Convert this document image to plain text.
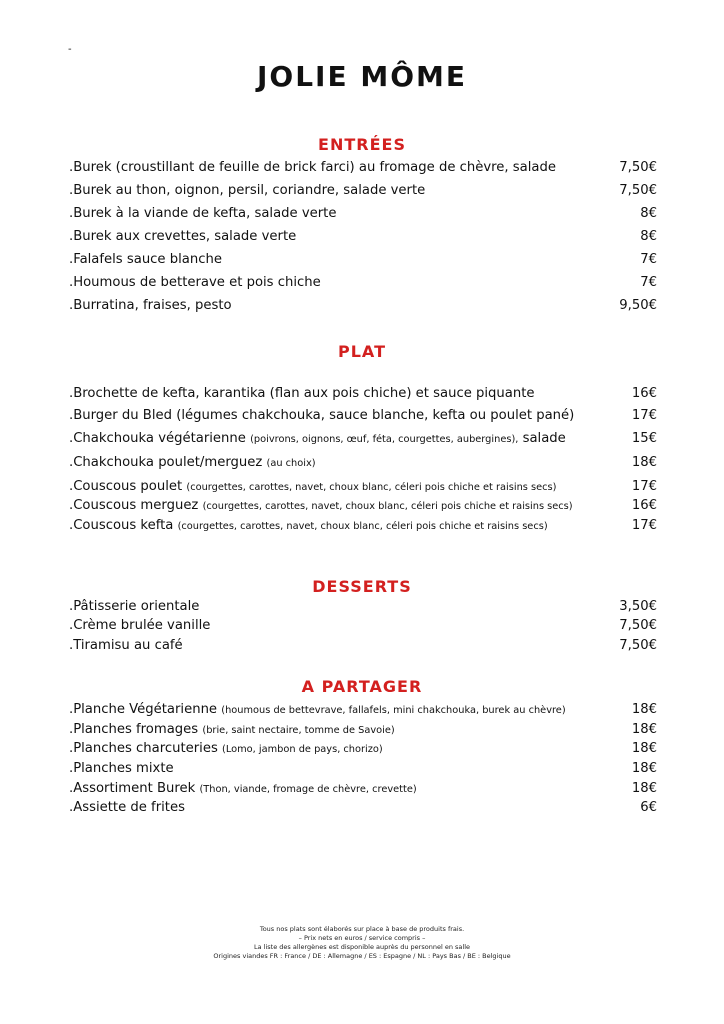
-
JOLIE MÔME
ENTRÉES
.Burek (croustillant de feuille de brick farci) au fromage de chèvre, salade	7,50€
.Burek au thon, oignon, persil, coriandre, salade verte	7,50€
.Burek à la viande de kefta, salade verte	8€
.Burek aux crevettes, salade verte	8€
.Falafels sauce blanche	7€
.Houmous de betterave et pois chiche	7€
.Burratina, fraises, pesto	9,50€
PLAT
.Brochette de kefta, karantika (flan aux pois chiche) et sauce piquante	16€
.Burger du Bled (légumes chakchouka, sauce blanche, kefta ou poulet pané)	17€
.Chakchouka végétarienne (poivrons, oignons, œuf, féta, courgettes, aubergines), salade	15€
.Chakchouka poulet/merguez (au choix)	18€
.Couscous poulet (courgettes, carottes, navet, choux blanc, céleri pois chiche et raisins secs)	17€
.Couscous merguez (courgettes, carottes, navet, choux blanc, céleri pois chiche et raisins secs)	16€
.Couscous kefta (courgettes, carottes, navet, choux blanc, céleri pois chiche et raisins secs)	17€
DESSERTS
.Pâtisserie orientale	3,50€
.Crème brulée vanille	7,50€
.Tiramisu au café	7,50€
A PARTAGER
.Planche Végétarienne (houmous de bettevrave, fallafels, mini chakchouka, burek au chèvre)	18€
.Planches fromages (brie, saint nectaire, tomme de Savoie)	18€
.Planches charcuteries (Lomo, jambon de pays, chorizo)	18€
.Planches mixte	18€
.Assortiment Burek (Thon, viande, fromage de chèvre, crevette)	18€
.Assiette de frites	6€
Tous nos plats sont élaborés sur place à base de produits frais.
– Prix nets en euros / service compris –
La liste des allergènes est disponible auprès du personnel en salle
Origines viandes FR : France / DE : Allemagne / ES : Espagne / NL : Pays Bas / BE : Belgique
